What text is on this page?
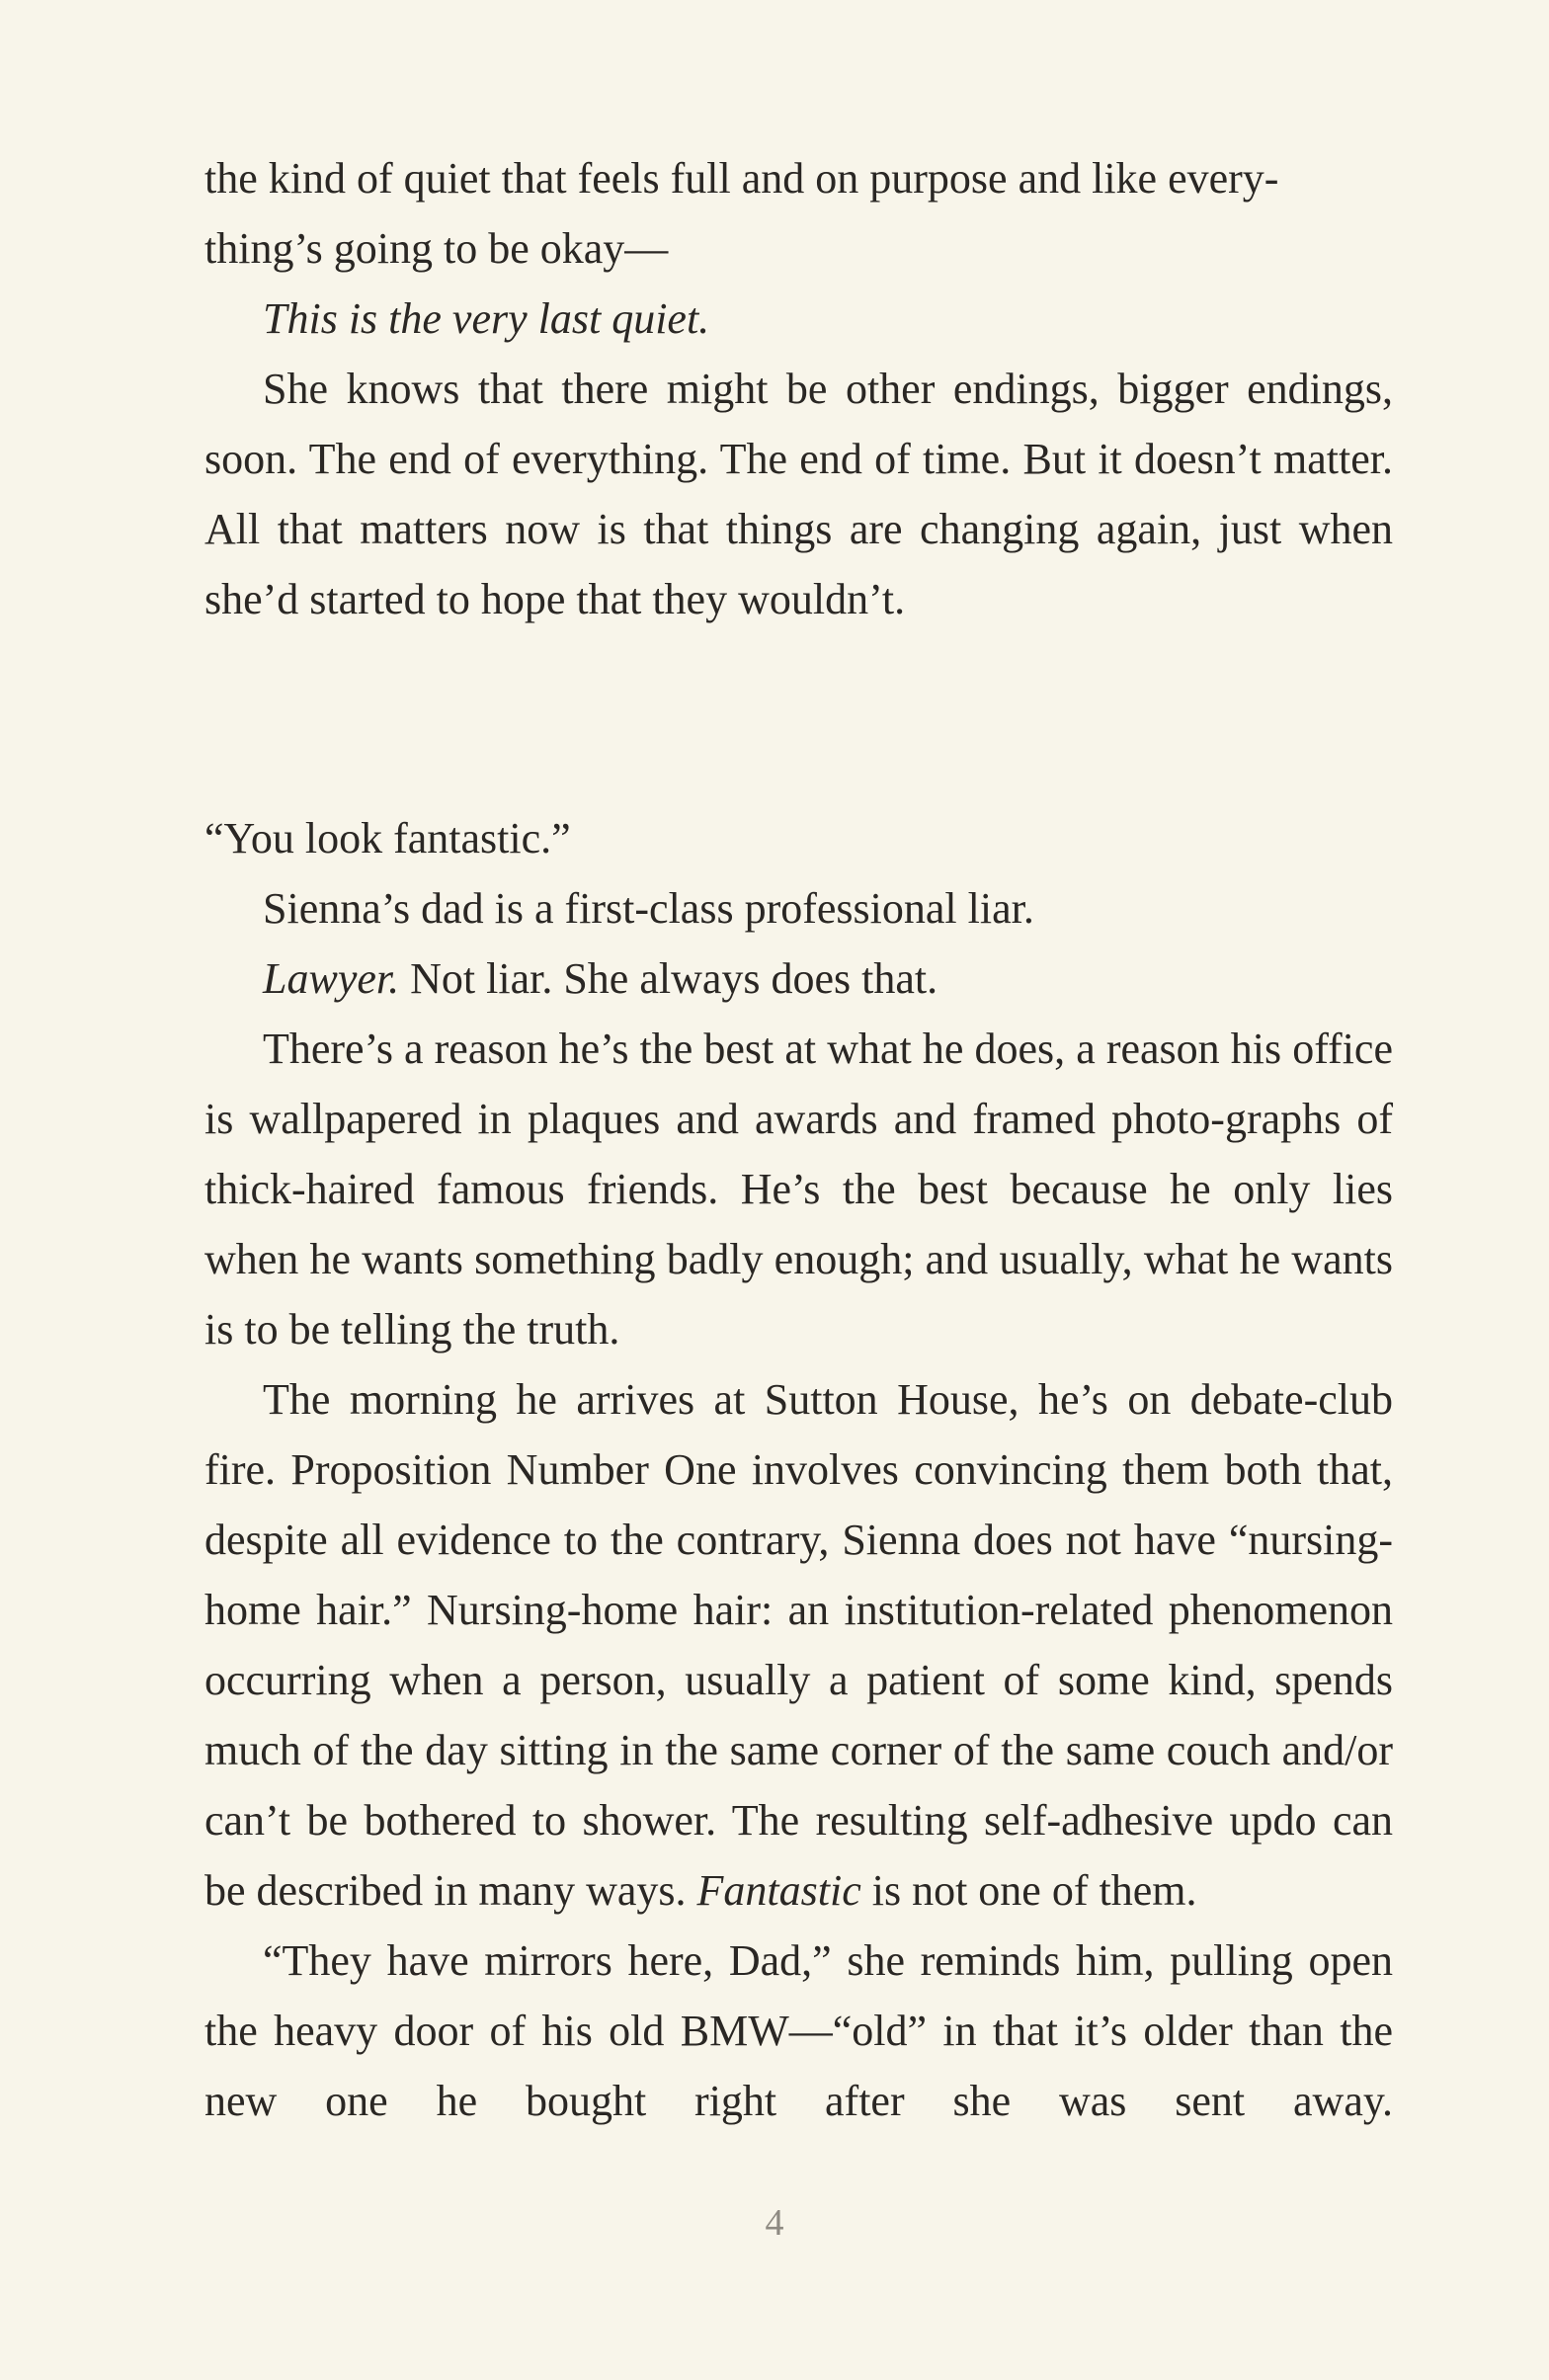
the kind of quiet that feels full and on purpose and like every-
thing’s going to be okay—

This is the very last quiet.

She knows that there might be other endings, bigger endings, soon. The end of everything. The end of time. But it doesn’t matter. All that matters now is that things are changing again, just when she’d started to hope that they wouldn’t.

“You look fantastic.”

Sienna’s dad is a first-class professional liar.

Lawyer. Not liar. She always does that.

There’s a reason he’s the best at what he does, a reason his office is wallpapered in plaques and awards and framed photo-graphs of thick-haired famous friends. He’s the best because he only lies when he wants something badly enough; and usually, what he wants is to be telling the truth.

The morning he arrives at Sutton House, he’s on debate-club fire. Proposition Number One involves convincing them both that, despite all evidence to the contrary, Sienna does not have “nursing-home hair.” Nursing-home hair: an institution-related phenomenon occurring when a person, usually a patient of some kind, spends much of the day sitting in the same corner of the same couch and/or can’t be bothered to shower. The resulting self-adhesive updo can be described in many ways. Fantastic is not one of them.

“They have mirrors here, Dad,” she reminds him, pulling open the heavy door of his old BMW—“old” in that it’s older than the new one he bought right after she was sent away.

4
